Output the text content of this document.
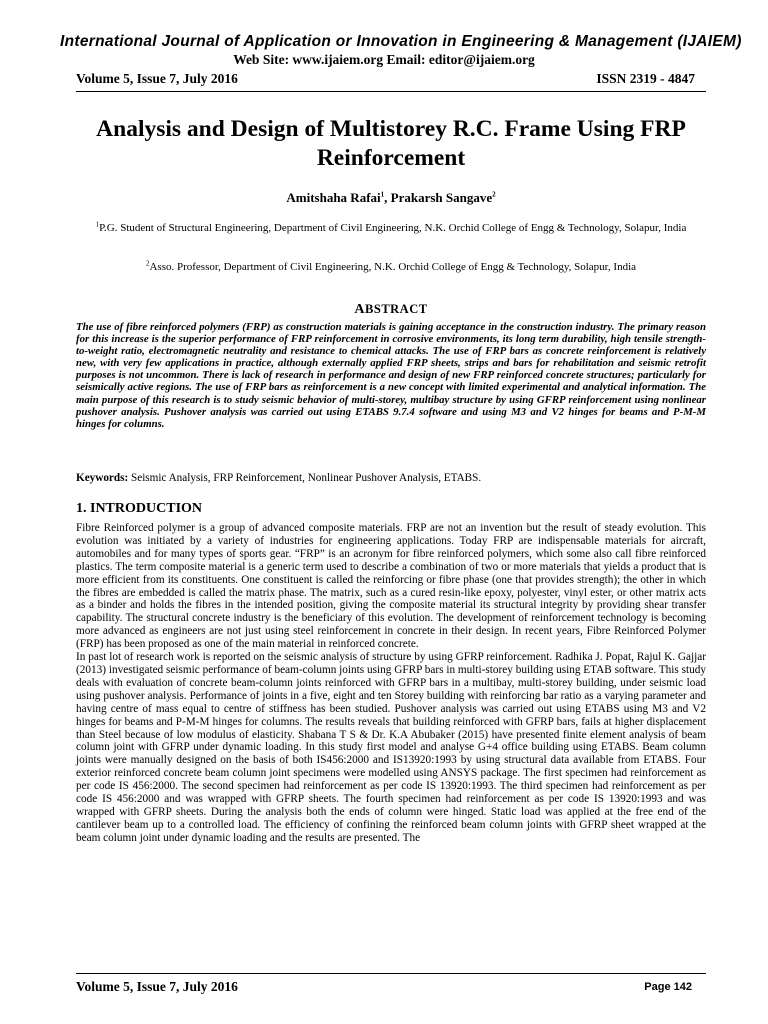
International Journal of Application or Innovation in Engineering & Management (IJAIEM)
Web Site: www.ijaiem.org Email: editor@ijaiem.org
Volume 5, Issue 7, July 2016	ISSN 2319 - 4847
Analysis and Design of Multistorey R.C. Frame Using FRP Reinforcement
Amitshaha Rafai$^1$, Prakarsh Sangave$^2$
$^1$P.G. Student of Structural Engineering, Department of Civil Engineering, N.K. Orchid College of Engg & Technology, Solapur, India
$^2$Asso. Professor, Department of Civil Engineering, N.K. Orchid College of Engg & Technology, Solapur, India
ABSTRACT
The use of fibre reinforced polymers (FRP) as construction materials is gaining acceptance in the construction industry. The primary reason for this increase is the superior performance of FRP reinforcement in corrosive environments, its long term durability, high tensile strength-to-weight ratio, electromagnetic neutrality and resistance to chemical attacks. The use of FRP bars as concrete reinforcement is relatively new, with very few applications in practice, although externally applied FRP sheets, strips and bars for rehabilitation and seismic retrofit purposes is not uncommon. There is lack of research in performance and design of new FRP reinforced concrete structures; particularly for seismically active regions. The use of FRP bars as reinforcement is a new concept with limited experimental and analytical information. The main purpose of this research is to study seismic behavior of multi-storey, multibay structure by using GFRP reinforcement using nonlinear pushover analysis. Pushover analysis was carried out using ETABS 9.7.4 software and using M3 and V2 hinges for beams and P-M-M hinges for columns.
Keywords: Seismic Analysis, FRP Reinforcement, Nonlinear Pushover Analysis, ETABS.
1. INTRODUCTION

Fibre Reinforced polymer is a group of advanced composite materials. FRP are not an invention but the result of steady evolution. This evolution was initiated by a variety of industries for engineering applications. Today FRP are indispensable materials for aircraft, automobiles and for many types of sports gear. “FRP” is an acronym for fibre reinforced polymers, which some also call fibre reinforced plastics. The term composite material is a generic term used to describe a combination of two or more materials that yields a product that is more efficient from its constituents. One constituent is called the reinforcing or fibre phase (one that provides strength); the other in which the fibres are embedded is called the matrix phase. The matrix, such as a cured resin-like epoxy, polyester, vinyl ester, or other matrix acts as a binder and holds the fibres in the intended position, giving the composite material its structural integrity by providing shear transfer capability. The structural concrete industry is the beneficiary of this evolution. The development of reinforcement technology is becoming more advanced as engineers are not just using steel reinforcement in concrete in their design. In recent years, Fibre Reinforced Polymer (FRP) has been proposed as one of the main material in reinforced concrete.

In past lot of research work is reported on the seismic analysis of structure by using GFRP reinforcement. Radhika J. Popat, Rajul K. Gajjar (2013) investigated seismic performance of beam-column joints using GFRP bars in multi-storey building using ETAB software. This study deals with evaluation of concrete beam-column joints reinforced with GFRP bars in a multibay, multi-storey building, under seismic load using pushover analysis. Performance of joints in a five, eight and ten Storey building with reinforcing bar ratio as a varying parameter and having centre of mass equal to centre of stiffness has been studied. Pushover analysis was carried out using ETABS using M3 and V2 hinges for beams and P-M-M hinges for columns. The results reveals that building reinforced with GFRP bars, fails at higher displacement than Steel because of low modulus of elasticity. Shabana T S & Dr. K.A Abubaker (2015) have presented finite element analysis of beam column joint with GFRP under dynamic loading. In this study first model and analyse G+4 office building using ETABS. Beam column joints were manually designed on the basis of both IS456:2000 and IS13920:1993 by using structural data available from ETABS. Four exterior reinforced concrete beam column joint specimens were modelled using ANSYS package. The first specimen had reinforcement as per code IS 456:2000. The second specimen had reinforcement as per code IS 13920:1993. The third specimen had reinforcement as per code IS 456:2000 and was wrapped with GFRP sheets. The fourth specimen had reinforcement as per code IS 13920:1993 and was wrapped with GFRP sheets. During the analysis both the ends of column were hinged. Static load was applied at the free end of the cantilever beam up to a controlled load. The efficiency of confining the reinforced beam column joints with GFRP sheet wrapped at the beam column joint under dynamic loading and the results are presented. The

Volume 5, Issue 7, July 2016	Page 142
